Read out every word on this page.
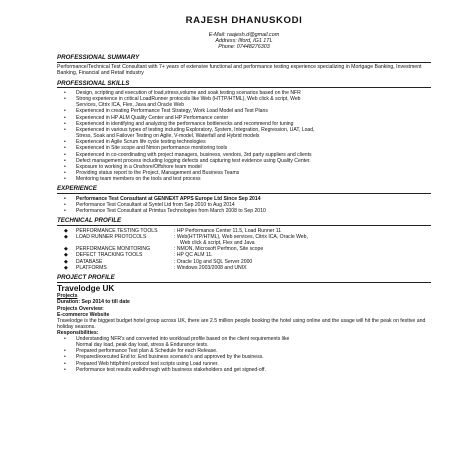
RAJESH DHANUSKODI
E-Mail: raajesh.d@gmail.com
Address: Ilford, IG1 1TL
Phone: 07448276303
PROFESSIONAL SUMMARY
Performance/Technical Test Consultant with 7+ years of extensive functional and performance testing experience specializing in Mortgage Banking, Investment Banking, Financial and Retail industry
PROFESSIONAL SKILLS
• Design, scripting and execution of load,stress,volume and soak testing scenarios based on the NFR
• Strong experience in critical LoadRunner protocols like Web (HTTP/HTML), Web click & script, Web
Services, Citrix ICA, Flex, Java and Oracle Web
• Experienced in creating Performance Test Strategy, Work Load Model and Test Plans
• Experienced in HP ALM Quality Center and HP Performance center
• Experienced in identifying and analyzing the performance bottlenecks and recommend for tuning
• Experienced in various types of testing including Exploratory, System, Integration, Regression, UAT, Load,
Stress, Soak and Failover Testing on Agile, V-model, Waterfall and Hybrid models
• Experienced in Agile Scrum life cycle testing technologies
• Experienced in Site scope and Nmon performance monitoring tools
• Experienced in co-coordinating with project managers, business, vendors, 3rd party suppliers and clients
• Defect management process including logging defects and capturing test evidence using Quality Center.
• Exposure to working in a Onshore/Offshore team model
• Providing status report to the Project, Management and Business Teams
• Mentoring team members on the tools and test process
EXPERIENCE
• Performance Test Consultant at GENNEXT APPS Europe Ltd Since Sep 2014
• Performance Test Consultant at Syntel Ltd from Sep 2010 to Aug 2014
• Performance Test Consultant at Primtus Technologies from March 2008 to Sep 2010
TECHNICAL PROFILE
◆	PERFORMANCE TESTING TOOLS	: HP Performance Center 11.5, Load Runner 11
◆	LOAD RUNNER PROTOCOLS	: Web(HTTP/HTML), Web services, Citrix ICA, Oracle Web,
		Web click & script, Flex and Java
◆	PERFORMANCE MONITORING	: NMON, Microsoft Perfmon, Site scope
◆	DEFECT TRACKING TOOLS	: HP QC ALM 11.
◆	DATABASE	: Oracle 10g and SQL Server 2000
◆	PLATFORMS	: Windows 2003/2008 and UNIX
PROJECT PROFILE
Travelodge UK
Projects
Duration: Sep 2014 to till date
Projects Overview:
E-commerce Website
Travelodge is the biggest budget hotel group across UK, there are 2.5 million people booking the hotel using online and the usage will hit the peak on festive and holiday seasons.
Responsibilities:
• Understanding NFR's and converted into workload profile based on the client requirements like
Normal day load, peak day load, stress & Endurance tests.
• Prepared performance Test plan & Schedule for each Release.
• Prepared/executed End to: End business scenario's and approved by the business.
• Prepared Web http/html protocol test scripts using Load runner.
• Performance test results walkthrough with business stakeholders and get signed-off.
